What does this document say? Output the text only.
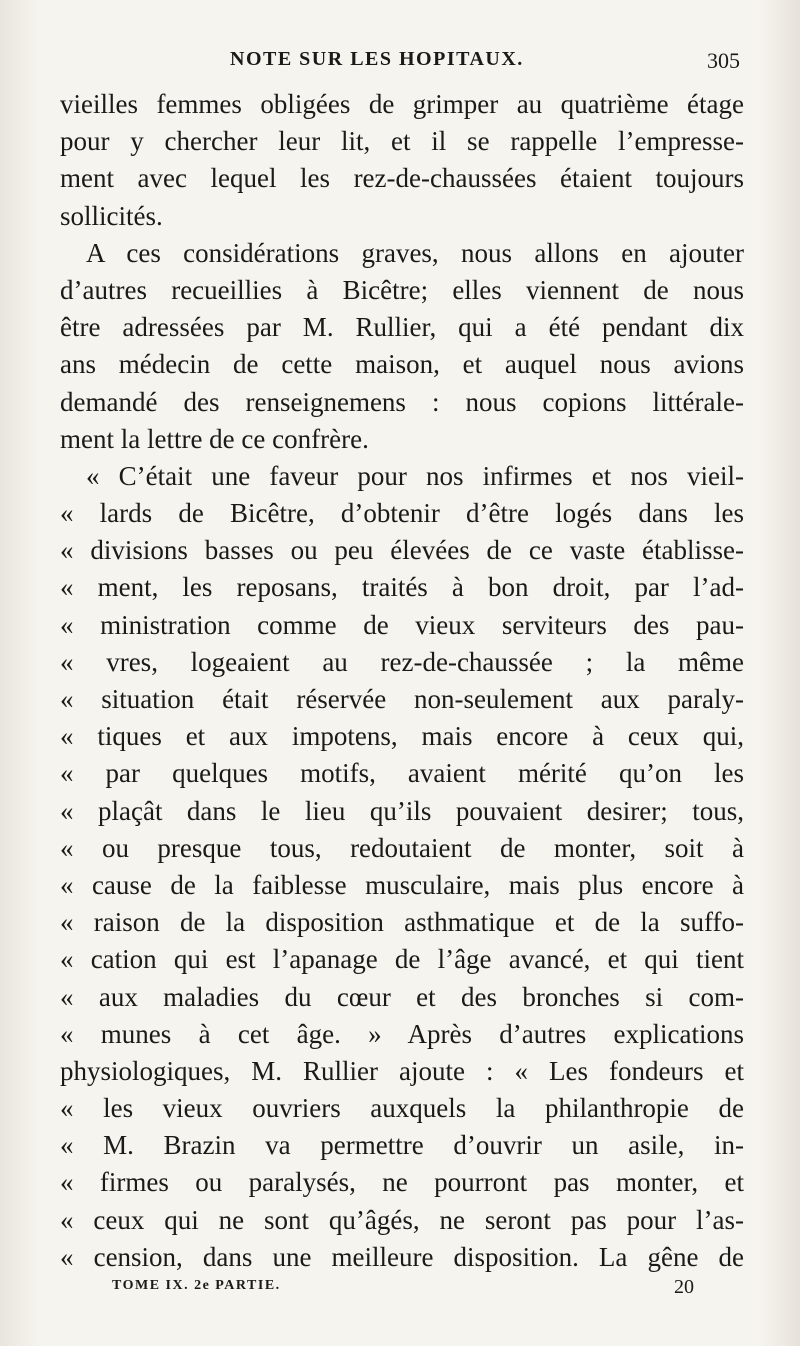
NOTE SUR LES HOPITAUX.	305
vieilles femmes obligées de grimper au quatrième étage
pour y chercher leur lit, et il se rappelle l’empresse-
ment avec lequel les rez-de-chaussées étaient toujours
sollicités.
A ces considérations graves, nous allons en ajouter
d’autres recueillies à Bicêtre; elles viennent de nous
être adressées par M. Rullier, qui a été pendant dix
ans médecin de cette maison, et auquel nous avions
demandé des renseignemens : nous copions littérale-
ment la lettre de ce confrère.
« C’était une faveur pour nos infirmes et nos vieil-
« lards de Bicêtre, d’obtenir d’être logés dans les
« divisions basses ou peu élevées de ce vaste établisse-
« ment, les reposans, traités à bon droit, par l’ad-
« ministration comme de vieux serviteurs des pau-
« vres, logeaient au rez-de-chaussée ; la même
« situation était réservée non-seulement aux paraly-
« tiques et aux impotens, mais encore à ceux qui,
« par quelques motifs, avaient mérité qu’on les
« plaçât dans le lieu qu’ils pouvaient desirer; tous,
« ou presque tous, redoutaient de monter, soit à
« cause de la faiblesse musculaire, mais plus encore à
« raison de la disposition asthmatique et de la suffo-
« cation qui est l’apanage de l’âge avancé, et qui tient
« aux maladies du cœur et des bronches si com-
« munes à cet âge. » Après d’autres explications
physiologiques, M. Rullier ajoute : « Les fondeurs et
« les vieux ouvriers auxquels la philanthropie de
« M. Brazin va permettre d’ouvrir un asile, in-
« firmes ou paralysés, ne pourront pas monter, et
« ceux qui ne sont qu’âgés, ne seront pas pour l’as-
« cension, dans une meilleure disposition. La gêne de
TOME IX. 2e PARTIE.	20
